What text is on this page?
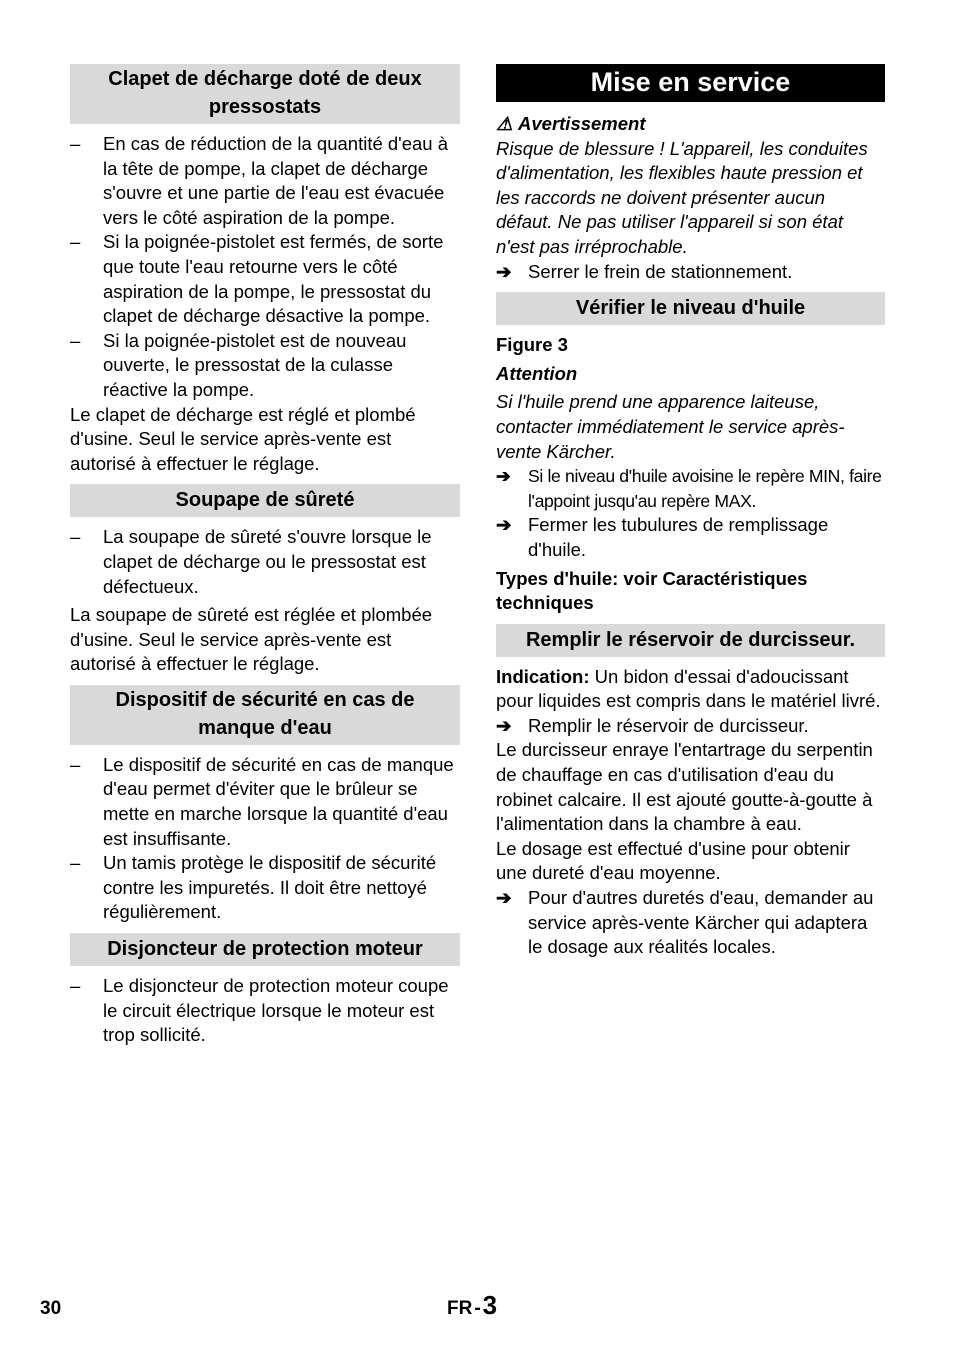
Clapet de décharge doté de deux pressostats
– En cas de réduction de la quantité d'eau à la tête de pompe, la clapet de décharge s'ouvre et une partie de l'eau est évacuée vers le côté aspiration de la pompe.
– Si la poignée-pistolet est fermés, de sorte que toute l'eau retourne vers le côté aspiration de la pompe, le pressostat du clapet de décharge désactive la pompe.
– Si la poignée-pistolet est de nouveau ouverte, le pressostat de la culasse réactive la pompe.

Le clapet de décharge est réglé et plombé d'usine. Seul le service après-vente est autorisé à effectuer le réglage.

Soupape de sûreté
– La soupape de sûreté s'ouvre lorsque le clapet de décharge ou le pressostat est défectueux.

La soupape de sûreté est réglée et plombée d'usine. Seul le service après-vente est autorisé à effectuer le réglage.

Dispositif de sécurité en cas de manque d'eau
– Le dispositif de sécurité en cas de manque d'eau permet d'éviter que le brûleur se mette en marche lorsque la quantité d'eau est insuffisante.
– Un tamis protège le dispositif de sécurité contre les impuretés. Il doit être nettoyé régulièrement.
Disjoncteur de protection moteur
– Le disjoncteur de protection moteur coupe le circuit électrique lorsque le moteur est trop sollicité.
Mise en service
⚠ Avertissement

Risque de blessure ! L'appareil, les conduites d'alimentation, les flexibles haute pression et les raccords ne doivent présenter aucun défaut. Ne pas utiliser l'appareil si son état n'est pas irréprochable.

➔ Serrer le frein de stationnement.
Vérifier le niveau d'huile
Figure 3
Attention

Si l'huile prend une apparence laiteuse, contacter immédiatement le service après-vente Kärcher.

➔ Si le niveau d'huile avoisine le repère MIN, faire l'appoint jusqu'au repère MAX.
➔ Fermer les tubulures de remplissage d'huile.
Types d'huile: voir Caractéristiques techniques
Remplir le réservoir de durcisseur.

Indication: Un bidon d'essai d'adoucissant pour liquides est compris dans le matériel livré.

➔ Remplir le réservoir de durcisseur.

Le durcisseur enraye l'entartrage du serpentin de chauffage en cas d'utilisation d'eau du robinet calcaire. Il est ajouté goutte-à-goutte à l'alimentation dans la chambre à eau.

Le dosage est effectué d'usine pour obtenir une dureté d'eau moyenne.

➔ Pour d'autres duretés d'eau, demander au service après-vente Kärcher qui adaptera le dosage aux réalités locales.
30	FR -3
